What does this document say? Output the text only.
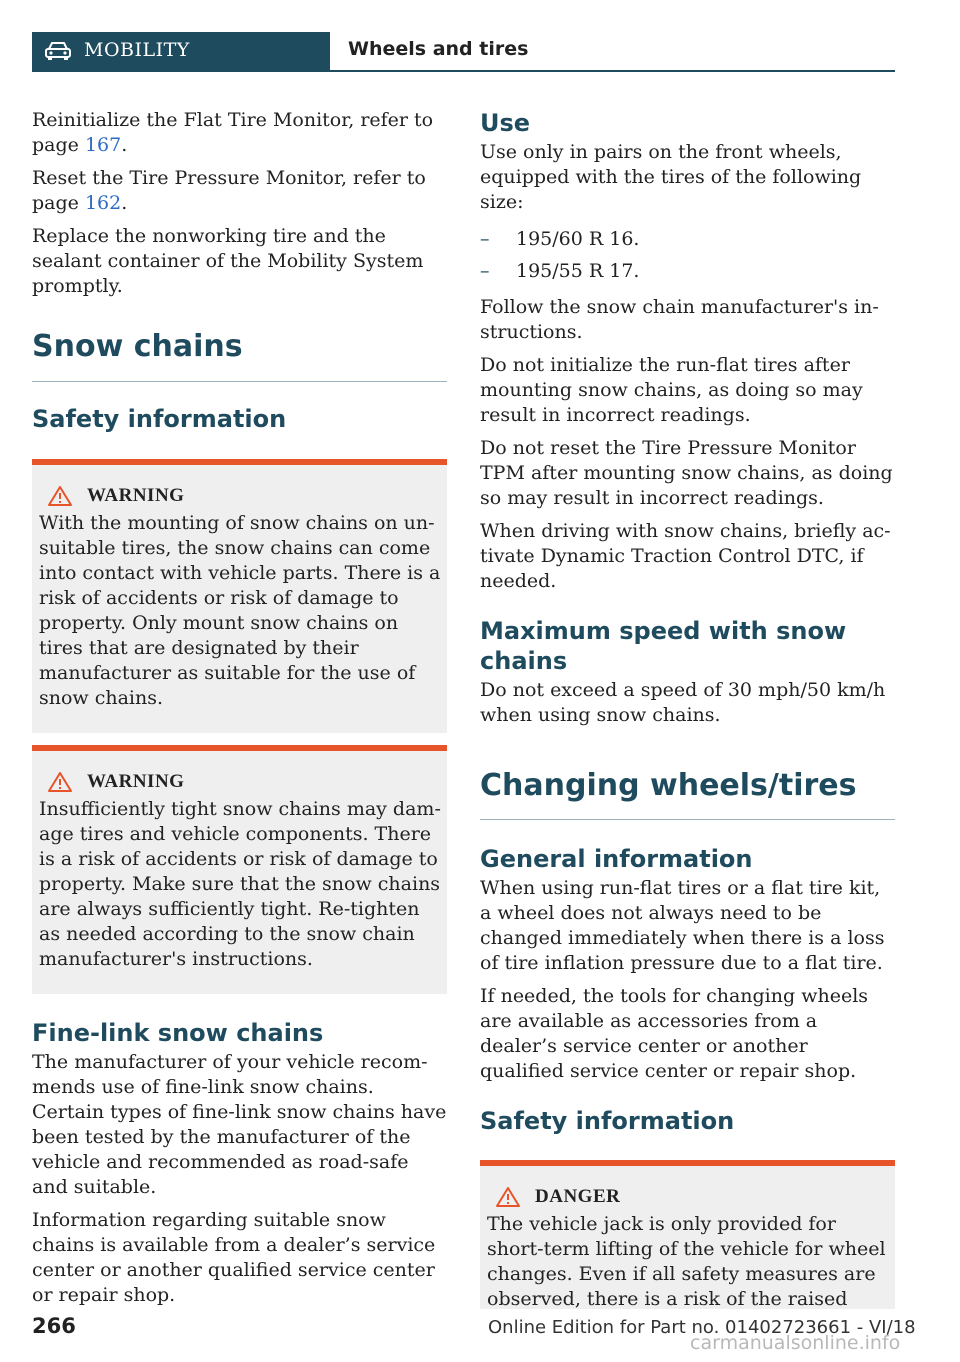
MOBILITY	Wheels and tires

Reinitialize the Flat Tire Monitor, refer to page 167.

Reset the Tire Pressure Monitor, refer to page 162.

Replace the nonworking tire and the sealant container of the Mobility System promptly.

Snow chains
Safety information
WARNING

With the mounting of snow chains on unsuitable tires, the snow chains can come into contact with vehicle parts. There is a risk of accidents or risk of damage to property. Only mount snow chains on tires that are designated by their manufacturer as suitable for the use of snow chains.

WARNING

Insufficiently tight snow chains may damage tires and vehicle components. There is a risk of accidents or risk of damage to property. Make sure that the snow chains are always sufficiently tight. Re-tighten as needed according to the snow chain manufacturer's instructions.

Fine-link snow chains

The manufacturer of your vehicle recommends use of fine-link snow chains. Certain types of fine-link snow chains have been tested by the manufacturer of the vehicle and recommended as road-safe and suitable.

Information regarding suitable snow chains is available from a dealer’s service center or another qualified service center or repair shop.

Use

Use only in pairs on the front wheels, equipped with the tires of the following size:

– 195/60 R 16.
– 195/55 R 17.

Follow the snow chain manufacturer's instructions.

Do not initialize the run-flat tires after mounting snow chains, as doing so may result in incorrect readings.

Do not reset the Tire Pressure Monitor TPM after mounting snow chains, as doing so may result in incorrect readings.

When driving with snow chains, briefly activate Dynamic Traction Control DTC, if needed.

Maximum speed with snow chains

Do not exceed a speed of 30 mph/50 km/h when using snow chains.

Changing wheels/tires
General information

When using run-flat tires or a flat tire kit, a wheel does not always need to be changed immediately when there is a loss of tire inflation pressure due to a flat tire.

If needed, the tools for changing wheels are available as accessories from a dealer’s service center or another qualified service center or repair shop.

Safety information
DANGER

The vehicle jack is only provided for short-term lifting of the vehicle for wheel changes. Even if all safety measures are observed, there is a risk of the raised

266	Online Edition for Part no. 01402723661 - VI/18
carmanualsonline.info
